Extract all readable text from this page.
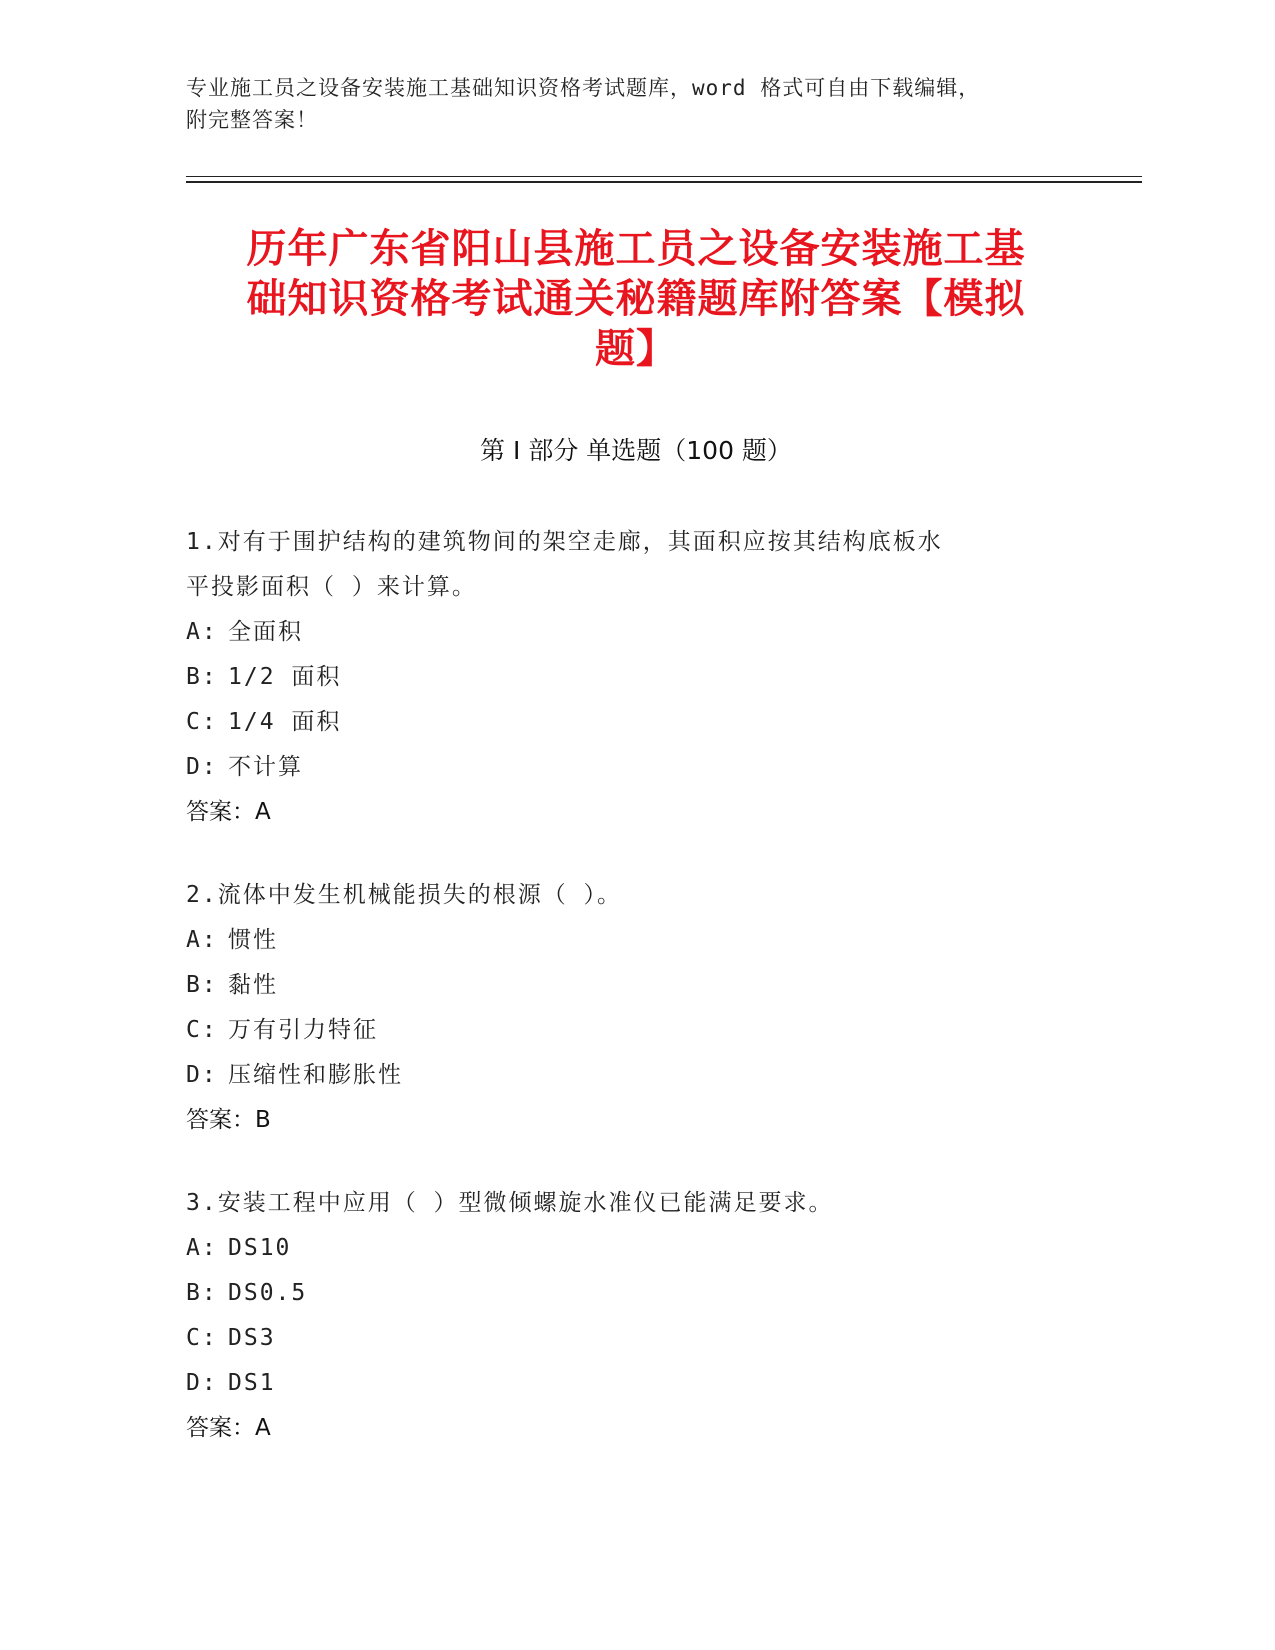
专业施工员之设备安装施工基础知识资格考试题库，word 格式可自由下载编辑，
附完整答案！
历年广东省阳山县施工员之设备安装施工基
础知识资格考试通关秘籍题库附答案【模拟
题】
第 I 部分 单选题（100 题）
1.对有于围护结构的建筑物间的架空走廊，其面积应按其结构底板水
平投影面积（ ）来计算。
A: 全面积
B: 1/2 面积
C: 1/4 面积
D: 不计算
答案：A
2.流体中发生机械能损失的根源（ ）。
A: 惯性
B: 黏性
C: 万有引力特征
D: 压缩性和膨胀性
答案：B
3.安装工程中应用（ ）型微倾螺旋水准仪已能满足要求。
A: DS10
B: DS0.5
C: DS3
D: DS1
答案：A
